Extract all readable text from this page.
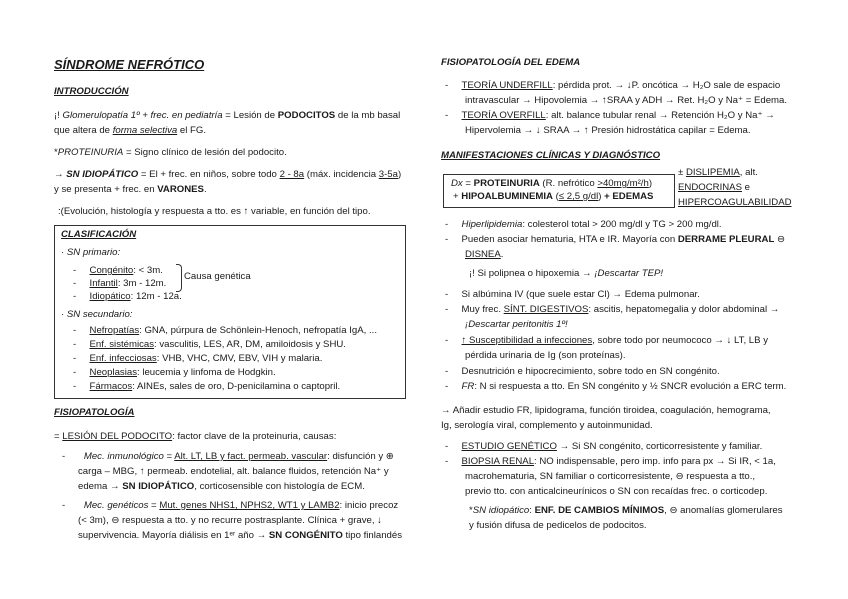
SÍNDROME NEFRÓTICO
INTRODUCCIÓN
¡! Glomerulopatía 1º + frec. en pediatría = Lesión de PODOCITOS de la mb basal
que altera de forma selectiva el FG.
*PROTEINURIA = Signo clínico de lesión del podocito.
→ SN IDIOPÁTICO = El + frec. en niños, sobre todo 2 - 8a (máx. incidencia 3-5a)
y se presenta + frec. en VARONES.
:(Evolución, histología y respuesta a tto. es ↑ variable, en función del tipo.
CLASIFICACIÓN
· SN primario:
-     Congénito: < 3m.
-     Infantil: 3m - 12m.
-     Idiopático: 12m - 12a.
Causa genética
· SN secundario:
-     Nefropatías: GNA, púrpura de Schönlein-Henoch, nefropatía IgA, ...
-     Enf. sistémicas: vasculitis, LES, AR, DM, amiloidosis y SHU.
-     Enf. infecciosas: VHB, VHC, CMV, EBV, VIH y malaria.
-     Neoplasias: leucemia y linfoma de Hodgkin.
-     Fármacos: AINEs, sales de oro, D-penicilamina o captopril.
FISIOPATOLOGÍA
= LESIÓN DEL PODOCITO: factor clave de la proteinuria, causas:
-       Mec. inmunológico = Alt. LT, LB y fact. permeab. vascular: disfunción y ⊕
carga – MBG, ↑ permeab. endotelial, alt. balance fluidos, retención Na⁺ y
edema → SN IDIOPÁTICO, corticosensible con histología de ECM.
-       Mec. genéticos = Mut. genes NHS1, NPHS2, WT1 y LAMB2: inicio precoz
(< 3m), ⊖ respuesta a tto. y no recurre postrasplante. Clínica + grave, ↓
supervivencia. Mayoría diálisis en 1ᵉʳ año → SN CONGÉNITO tipo finlandés
FISIOPATOLOGÍA DEL EDEMA
-     TEORÍA UNDERFILL: pérdida prot. → ↓P. oncótica → H₂O sale de espacio
intravascular → Hipovolemia → ↑SRAA y ADH → Ret. H₂O y Na⁺ = Edema.
-     TEORÍA OVERFILL: alt. balance tubular renal → Retención H₂O y Na⁺ →
Hipervolemia → ↓ SRAA → ↑ Presión hidrostática capilar = Edema.
MANIFESTACIONES CLÍNICAS Y DIAGNÓSTICO
Dx = PROTEINURIA (R. nefrótico >40mg/m²/h)
+ HIPOALBUMINEMIA (≤ 2,5 g/dl) + EDEMAS
± DISLIPEMIA, alt.
ENDOCRINAS e
HIPERCOAGULABILIDAD
-     Hiperlipidemia: colesterol total > 200 mg/dl y TG > 200 mg/dl.
-     Pueden asociar hematuria, HTA e IR. Mayoría con DERRAME PLEURAL ⊖
DISNEA.
¡! Si polipnea o hipoxemia → ¡Descartar TEP!
-     Si albúmina IV (que suele estar Cl) → Edema pulmonar.
-     Muy frec. SÍNT. DIGESTIVOS: ascitis, hepatomegalia y dolor abdominal →
¡Descartar peritonitis 1º!
-     ↑ Susceptibilidad a infecciones, sobre todo por neumococo → ↓ LT, LB y
pérdida urinaria de Ig (son proteínas).
-     Desnutrición e hipocrecimiento, sobre todo en SN congénito.
-     FR: N si respuesta a tto. En SN congénito y ½ SNCR evolución a ERC term.
→ Añadir estudio FR, lipidograma, función tiroidea, coagulación, hemograma,
Ig, serología viral, complemento y autoinmunidad.
-     ESTUDIO GENÉTICO → Si SN congénito, corticorresistente y familiar.
-     BIOPSIA RENAL: NO indispensable, pero imp. info para px → Si IR, < 1a,
macrohematuria, SN familiar o corticorresistente, ⊖ respuesta a tto.,
previo tto. con anticalcineurínicos o SN con recaídas frec. o corticodep.
*SN idiopático: ENF. DE CAMBIOS MÍNIMOS, ⊖ anomalías glomerulares
y fusión difusa de pedicelos de podocitos.
